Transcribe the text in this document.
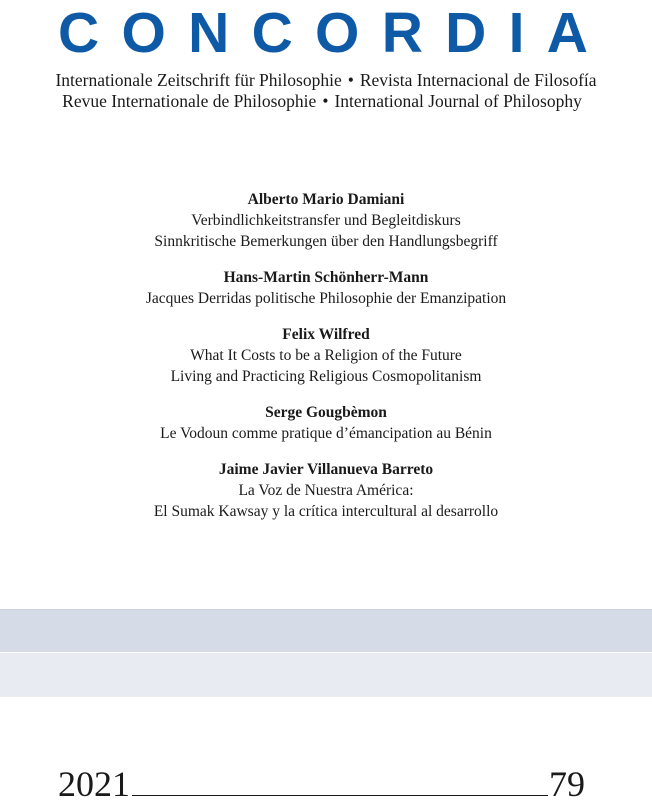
C O N C O R D I A
Internationale Zeitschrift für Philosophie • Revista Internacional de Filosofía
Revue Internationale de Philosophie • International Journal of Philosophy
Alberto Mario Damiani
Verbindlichkeitstransfer und Begleitdiskurs
Sinnkritische Bemerkungen über den Handlungsbegriff
Hans-Martin Schönherr-Mann
Jacques Derridas politische Philosophie der Emanzipation
Felix Wilfred
What It Costs to be a Religion of the Future
Living and Practicing Religious Cosmopolitanism
Serge Gougbèmon
Le Vodoun comme pratique d’émancipation au Bénin
Jaime Javier Villanueva Barreto
La Voz de Nuestra América:
El Sumak Kawsay y la crítica intercultural al desarrollo
2021	79
